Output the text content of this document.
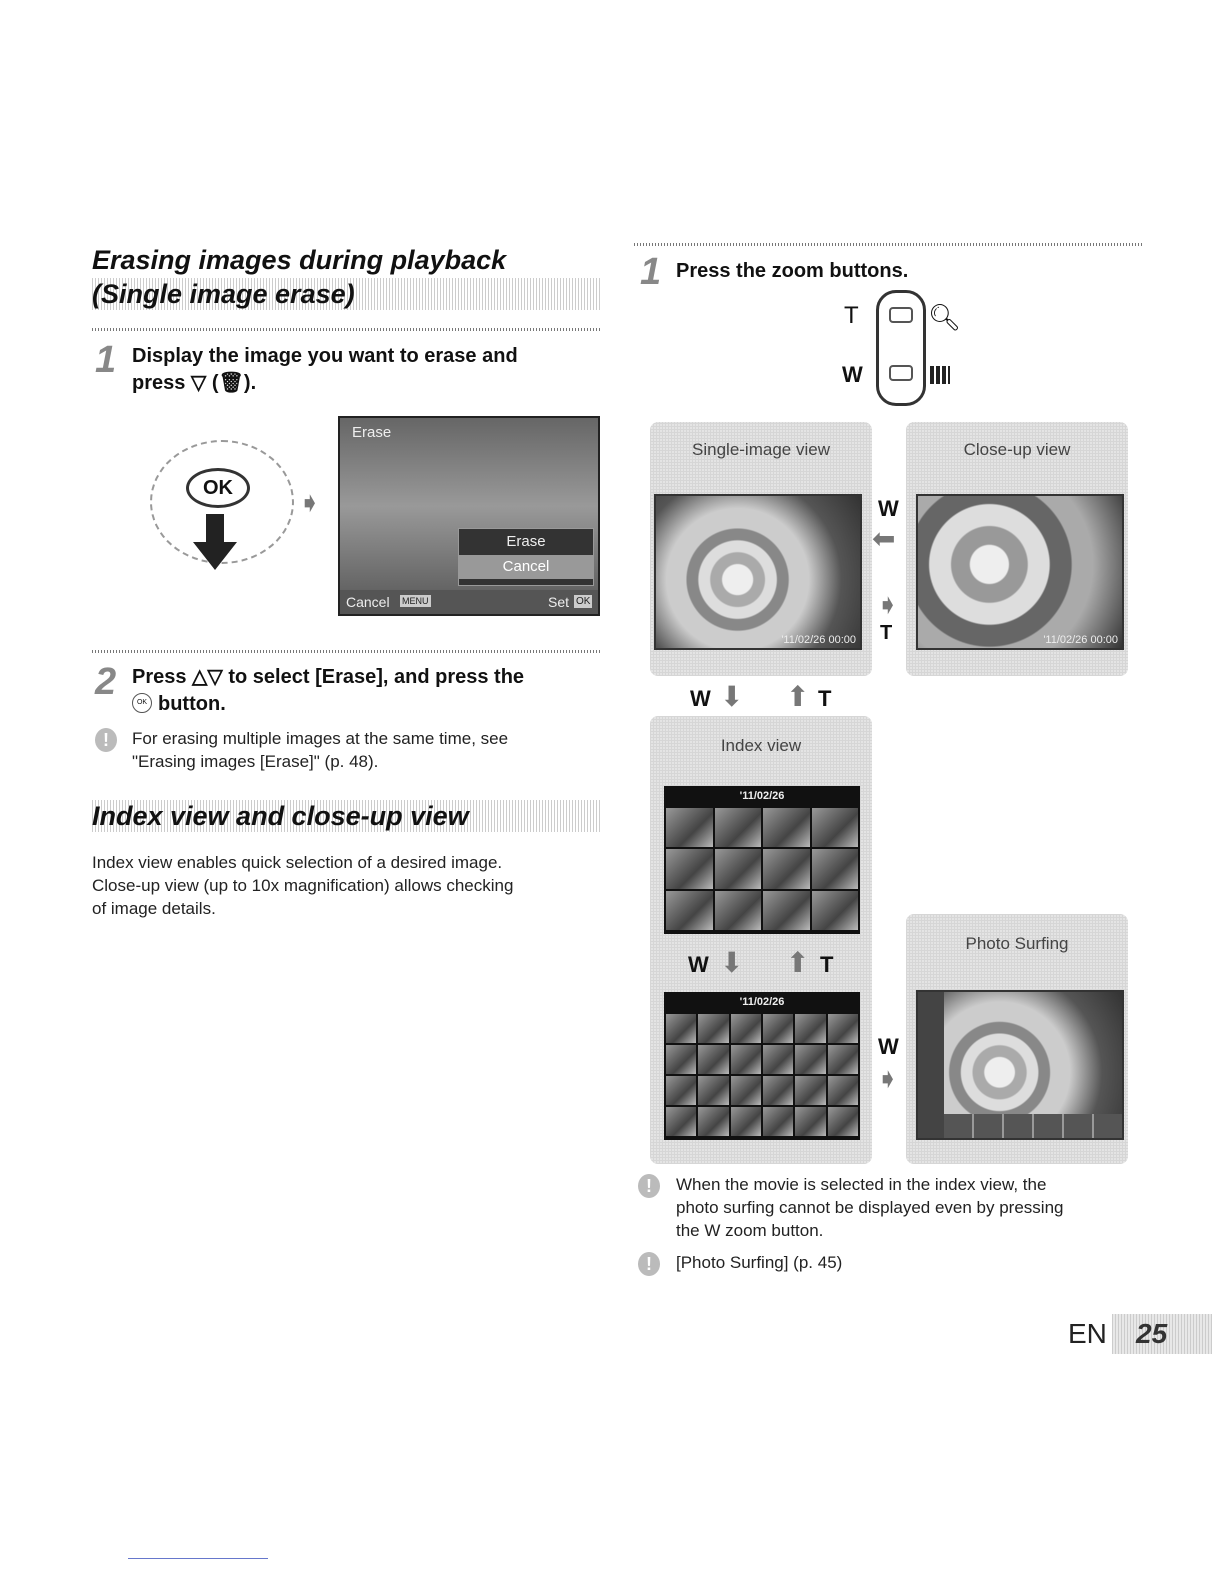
Erasing images during playback
(Single image erase)
1 Display the image you want to erase and
press ▽ (🗑).
OK	➧
Erase
Erase
Cancel
Cancel MENU	Set OK
2 Press △▽ to select [Erase], and press the
OK button.
!	For erasing multiple images at the same time, see
"Erasing images [Erase]" (p. 48).
Index view and close-up view
Index view enables quick selection of a desired image.
Close-up view (up to 10x magnification) allows checking
of image details.
1 Press the zoom buttons.
T
W
🔍︎
Single-image view
'11/02/26 00:00
W
⬅
➧
T
Close-up view
'11/02/26 00:00
W ⬇ ⬆ T
Index view
'11/02/26
W ⬇ ⬆ T
'11/02/26
W
➧
Photo Surfing
!	When the movie is selected in the index view, the
photo surfing cannot be displayed even by pressing
the W zoom button.
!	[Photo Surfing] (p. 45)
EN	25
